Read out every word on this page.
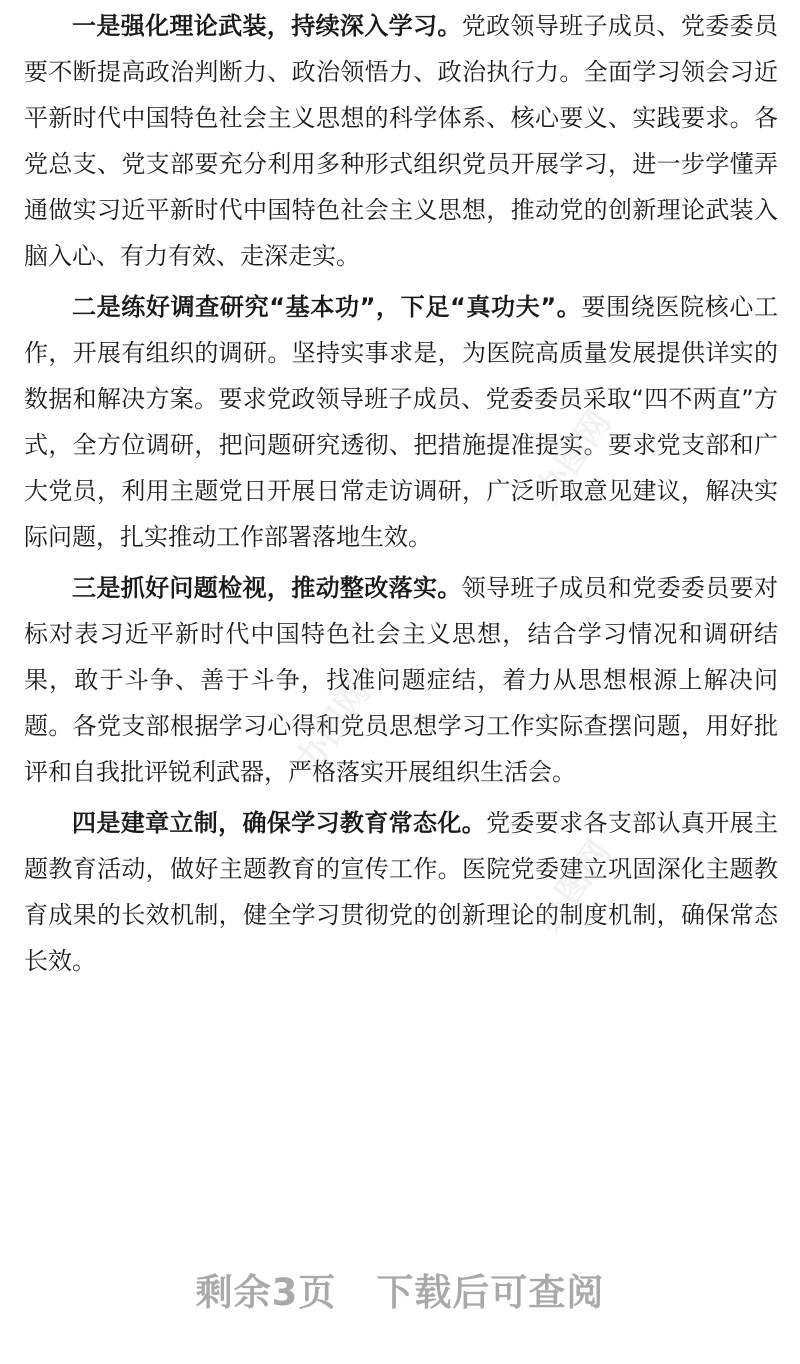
一是强化理论武装，持续深入学习。党政领导班子成员、党委委员要不断提高政治判断力、政治领悟力、政治执行力。全面学习领会习近平新时代中国特色社会主义思想的科学体系、核心要义、实践要求。各党总支、党支部要充分利用多种形式组织党员开展学习，进一步学懂弄通做实习近平新时代中国特色社会主义思想，推动党的创新理论武装入脑入心、有力有效、走深走实。

二是练好调查研究“基本功”，下足“真功夫”。要围绕医院核心工作，开展有组织的调研。坚持实事求是，为医院高质量发展提供详实的数据和解决方案。要求党政领导班子成员、党委委员采取“四不两直”方式，全方位调研，把问题研究透彻、把措施提准提实。要求党支部和广大党员，利用主题党日开展日常走访调研，广泛听取意见建议，解决实际问题，扎实推动工作部署落地生效。

三是抓好问题检视，推动整改落实。领导班子成员和党委委员要对标对表习近平新时代中国特色社会主义思想，结合学习情况和调研结果，敢于斗争、善于斗争，找准问题症结，着力从思想根源上解决问题。各党支部根据学习心得和党员思想学习工作实际查摆问题，用好批评和自我批评锐利武器，严格落实开展组织生活会。

四是建章立制，确保学习教育常态化。党委要求各支部认真开展主题教育活动，做好主题教育的宣传工作。医院党委建立巩固深化主题教育成果的长效机制，健全学习贯彻党的创新理论的制度机制，确保常态长效。

办图网
办图网
办图网
剩余3页 下载后可查阅
